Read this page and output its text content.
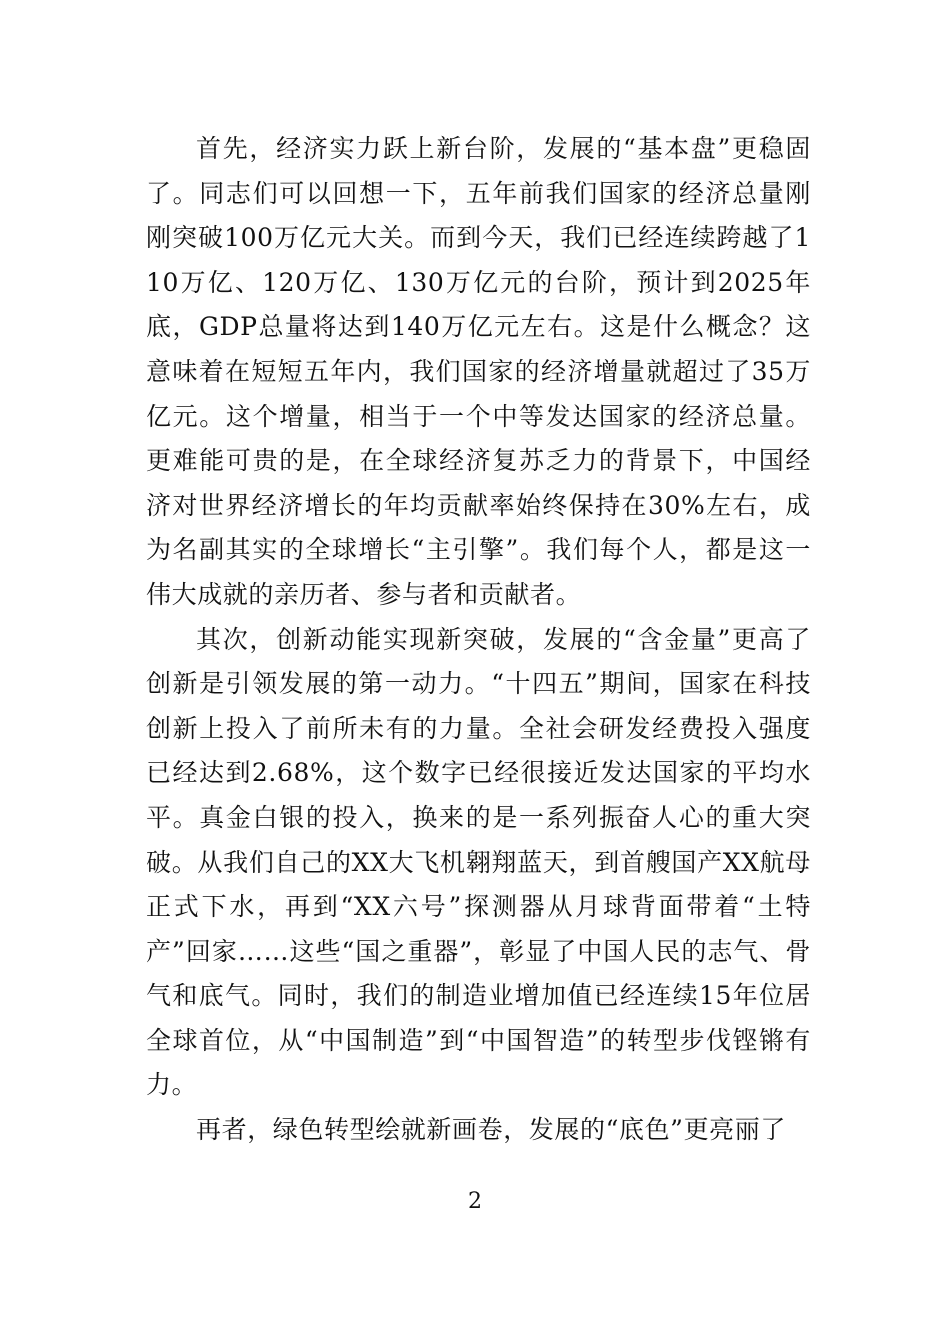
首先，经济实力跃上新台阶，发展的“基本盘”更稳固了。同志们可以回想一下，五年前我们国家的经济总量刚刚突破100万亿元大关。而到今天，我们已经连续跨越了110万亿、120万亿、130万亿元的台阶，预计到2025年底，GDP总量将达到140万亿元左右。这是什么概念？这意味着在短短五年内，我们国家的经济增量就超过了35万亿元。这个增量，相当于一个中等发达国家的经济总量。更难能可贵的是，在全球经济复苏乏力的背景下，中国经济对世界经济增长的年均贡献率始终保持在30%左右，成为名副其实的全球增长“主引擎”。我们每个人，都是这一伟大成就的亲历者、参与者和贡献者。

其次，创新动能实现新突破，发展的“含金量”更高了创新是引领发展的第一动力。“十四五”期间，国家在科技创新上投入了前所未有的力量。全社会研发经费投入强度已经达到2.68%，这个数字已经很接近发达国家的平均水平。真金白银的投入，换来的是一系列振奋人心的重大突破。从我们自己的XX大飞机翱翔蓝天，到首艘国产XX航母正式下水，再到“XX六号”探测器从月球背面带着“土特产”回家……这些“国之重器”，彰显了中国人民的志气、骨气和底气。同时，我们的制造业增加值已经连续15年位居全球首位，从“中国制造”到“中国智造”的转型步伐铿锵有力。

再者，绿色转型绘就新画卷，发展的“底色”更亮丽了

2
